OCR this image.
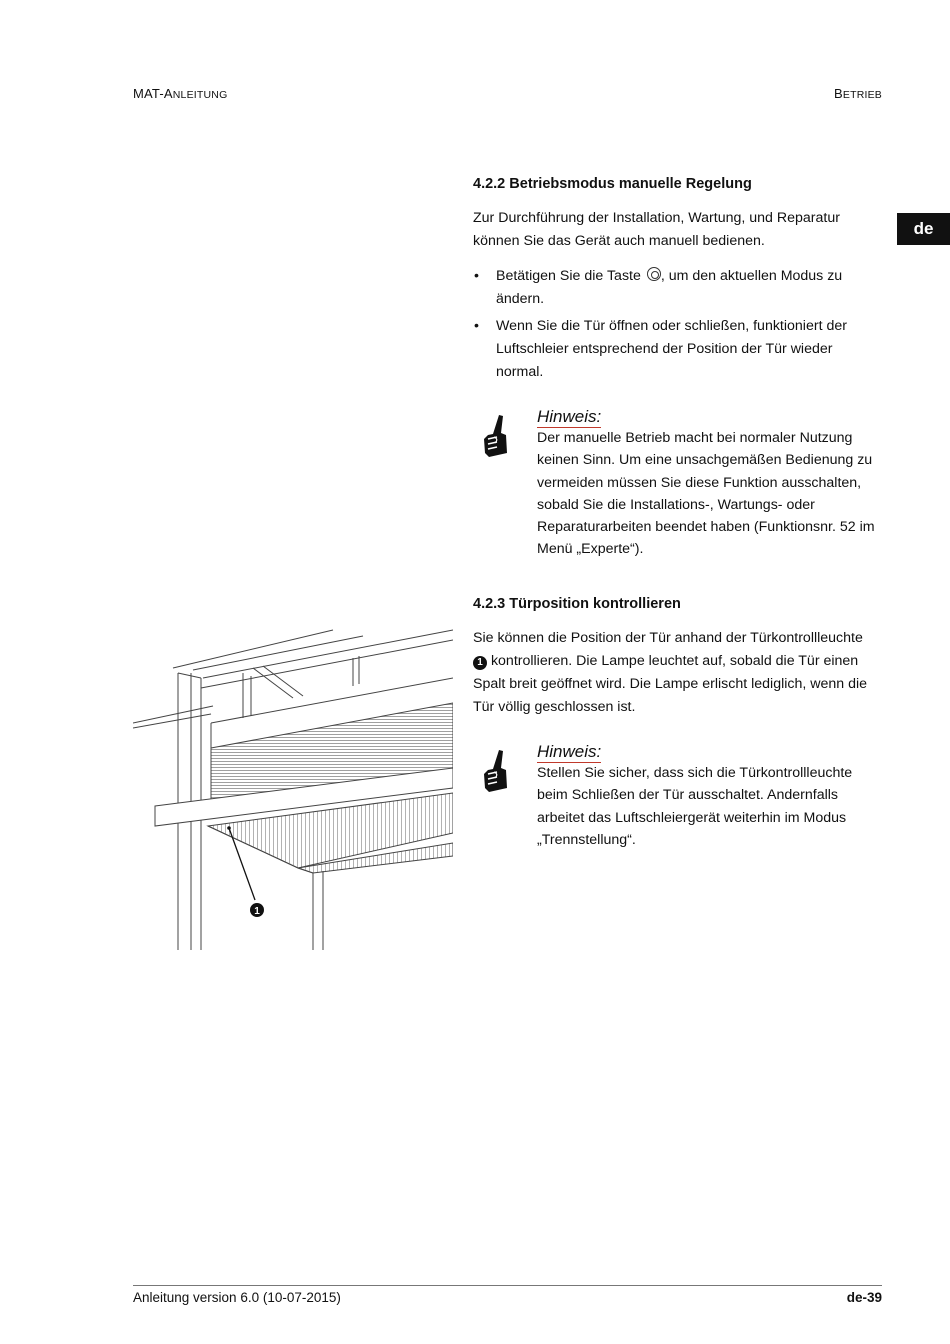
MAT-ANLEITUNG	BETRIEB
de
4.2.2 Betriebsmodus manuelle Regelung

Zur Durchführung der Installation, Wartung, und Reparatur können Sie das Gerät auch manuell bedienen.

• Betätigen Sie die Taste , um den aktuellen Modus zu ändern.
• Wenn Sie die Tür öffnen oder schließen, funktioniert der Luftschleier entsprechend der Position der Tür wieder normal.
Hinweis:
Der manuelle Betrieb macht bei normaler Nutzung keinen Sinn. Um eine unsachgemäßen Bedienung zu vermeiden müssen Sie diese Funktion ausschalten, sobald Sie die Installations-, Wartungs- oder Reparaturarbeiten beendet haben (Funktionsnr. 52 im Menü „Experte“).
4.2.3 Türposition kontrollieren

Sie können die Position der Tür anhand der Türkontrollleuchte 1 kontrollieren. Die Lampe leuchtet auf, sobald die Tür einen Spalt breit geöffnet wird. Die Lampe erlischt lediglich, wenn die Tür völlig geschlossen ist.

Hinweis:
Stellen Sie sicher, dass sich die Türkontrollleuchte beim Schließen der Tür ausschaltet. Andernfalls arbeitet das Luftschleiergerät weiterhin im Modus „Trennstellung“.
1
Anleitung version 6.0 (10-07-2015)	de-39
